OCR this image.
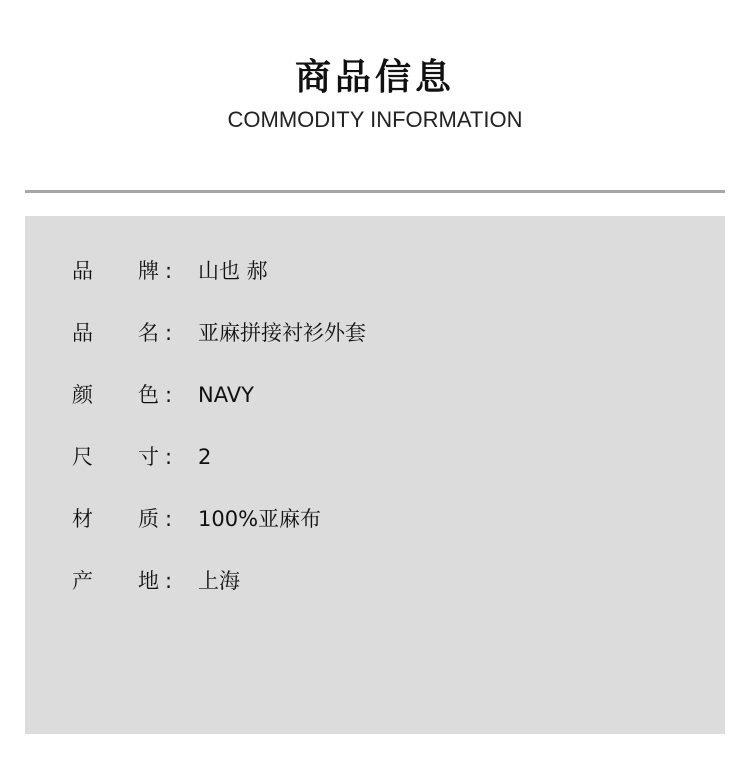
商品信息
COMMODITY INFORMATION
品 牌 : 山也 郝
品 名 : 亚麻拼接衬衫外套
颜 色 : NAVY
尺 寸 : 2
材 质 : 100%亚麻布
产 地 : 上海
